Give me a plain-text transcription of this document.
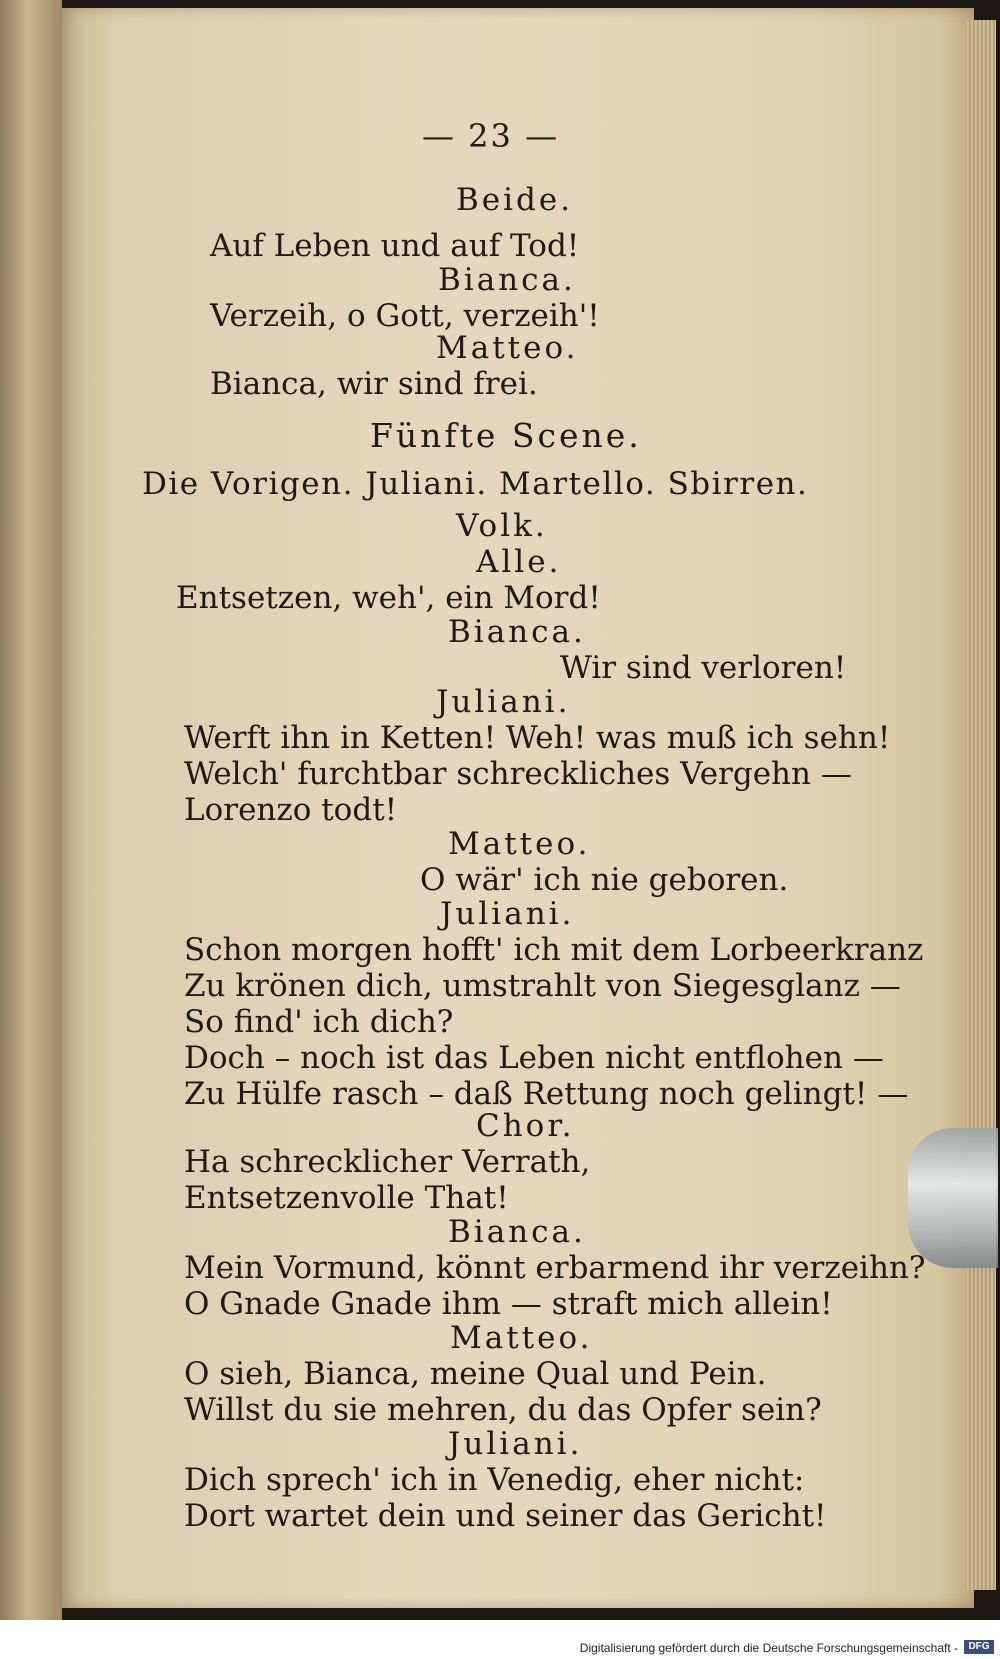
— 23 —
Beide.
Auf Leben und auf Tod!
Bianca.
Verzeih, o Gott, verzeih'!
Matteo.
Bianca, wir sind frei.
Fünfte Scene.
Die Vorigen. Juliani. Martello. Sbirren.
Volk.
Alle.
Entsetzen, weh', ein Mord!
Bianca.
Wir sind verloren!
Juliani.
Werft ihn in Ketten! Weh! was muß ich sehn!
Welch' furchtbar schreckliches Vergehn —
Lorenzo todt!
Matteo.
O wär' ich nie geboren.
Juliani.
Schon morgen hofft' ich mit dem Lorbeerkranz
Zu krönen dich, umstrahlt von Siegesglanz —
So find' ich dich?
Doch – noch ist das Leben nicht entflohen —
Zu Hülfe rasch – daß Rettung noch gelingt! —
Chor.
Ha schrecklicher Verrath,
Entsetzenvolle That!
Bianca.
Mein Vormund, könnt erbarmend ihr verzeihn?
O Gnade Gnade ihm — straft mich allein!
Matteo.
O sieh, Bianca, meine Qual und Pein.
Willst du sie mehren, du das Opfer sein?
Juliani.
Dich sprech' ich in Venedig, eher nicht:
Dort wartet dein und seiner das Gericht!
Digitalisierung gefördert durch die Deutsche Forschungsgemeinschaft -	DFG
